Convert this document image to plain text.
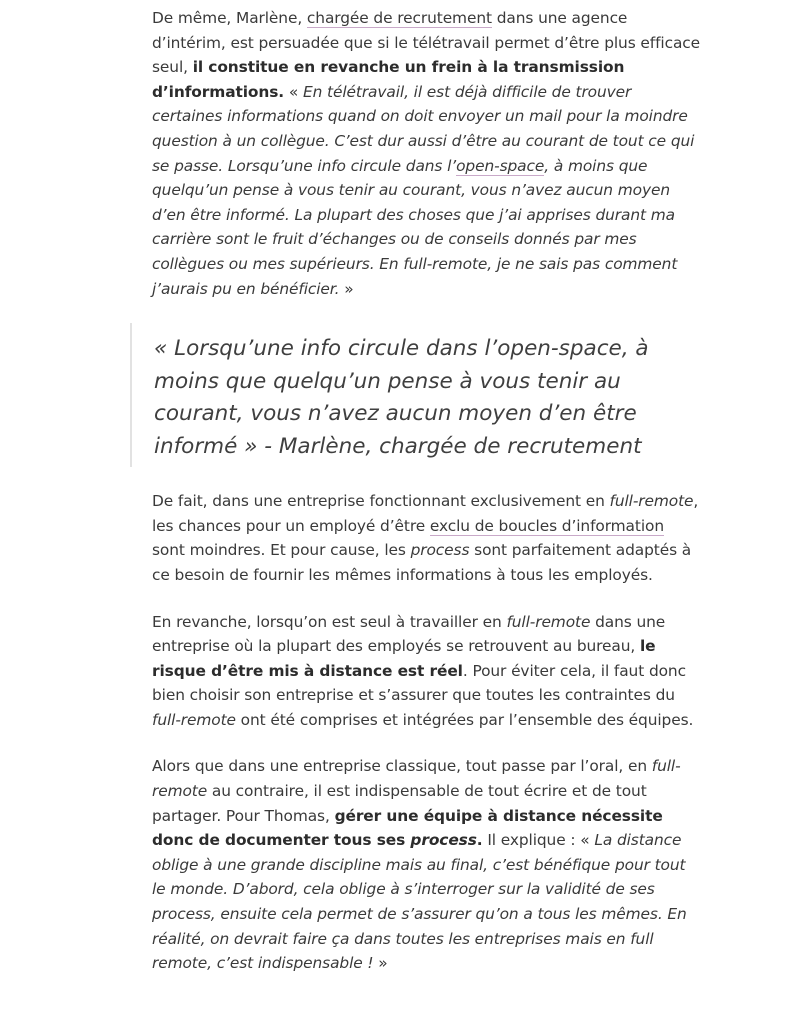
De même, Marlène, chargée de recrutement dans une agence d’intérim, est persuadée que si le télétravail permet d’être plus efficace seul, il constitue en revanche un frein à la transmission d’informations. « En télétravail, il est déjà difficile de trouver certaines informations quand on doit envoyer un mail pour la moindre question à un collègue. C’est dur aussi d’être au courant de tout ce qui se passe. Lorsqu’une info circule dans l’open-space, à moins que quelqu’un pense à vous tenir au courant, vous n’avez aucun moyen d’en être informé. La plupart des choses que j’ai apprises durant ma carrière sont le fruit d’échanges ou de conseils donnés par mes collègues ou mes supérieurs. En full-remote, je ne sais pas comment j’aurais pu en bénéficier. »

« Lorsqu’une info circule dans l’open-space, à moins que quelqu’un pense à vous tenir au courant, vous n’avez aucun moyen d’en être informé » - Marlène, chargée de recrutement

De fait, dans une entreprise fonctionnant exclusivement en full-remote, les chances pour un employé d’être exclu de boucles d’information sont moindres. Et pour cause, les process sont parfaitement adaptés à ce besoin de fournir les mêmes informations à tous les employés.

En revanche, lorsqu’on est seul à travailler en full-remote dans une entreprise où la plupart des employés se retrouvent au bureau, le risque d’être mis à distance est réel. Pour éviter cela, il faut donc bien choisir son entreprise et s’assurer que toutes les contraintes du full-remote ont été comprises et intégrées par l’ensemble des équipes.

Alors que dans une entreprise classique, tout passe par l’oral, en full-remote au contraire, il est indispensable de tout écrire et de tout partager. Pour Thomas, gérer une équipe à distance nécessite donc de documenter tous ses process. Il explique : « La distance oblige à une grande discipline mais au final, c’est bénéfique pour tout le monde. D’abord, cela oblige à s’interroger sur la validité de ses process, ensuite cela permet de s’assurer qu’on a tous les mêmes. En réalité, on devrait faire ça dans toutes les entreprises mais en full remote, c’est indispensable ! »
